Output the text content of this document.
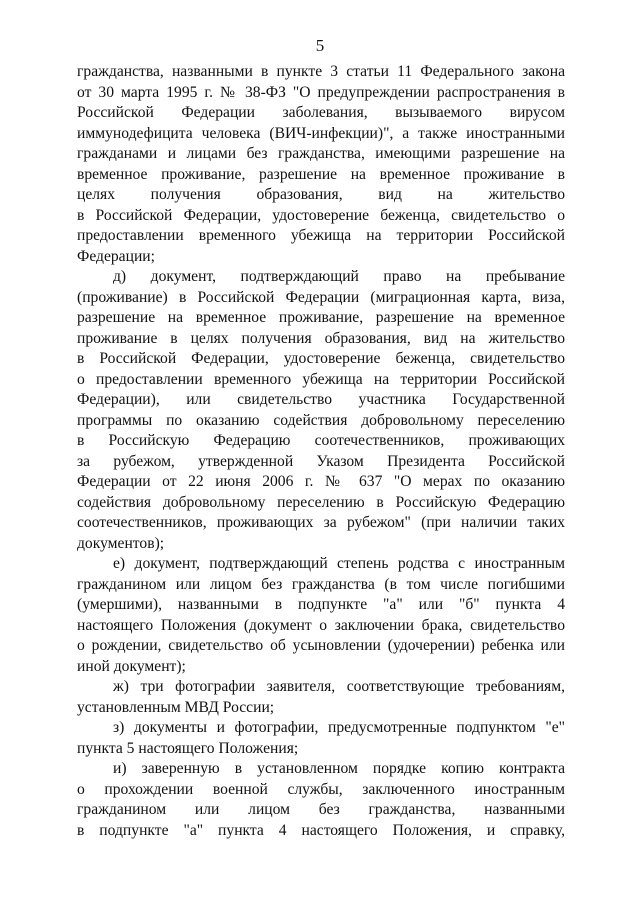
5
гражданства, названными в пункте 3 статьи 11 Федерального закона
от 30 марта 1995 г. № 38-ФЗ "О предупреждении распространения в
Российской Федерации заболевания, вызываемого вирусом
иммунодефицита человека (ВИЧ-инфекции)", а также иностранными
гражданами и лицами без гражданства, имеющими разрешение на
временное проживание, разрешение на временное проживание в
целях получения образования, вид на жительство
в Российской Федерации, удостоверение беженца, свидетельство о
предоставлении временного убежища на территории Российской
Федерации;
д) документ, подтверждающий право на пребывание
(проживание) в Российской Федерации (миграционная карта, виза,
разрешение на временное проживание, разрешение на временное
проживание в целях получения образования, вид на жительство
в Российской Федерации, удостоверение беженца, свидетельство
о предоставлении временного убежища на территории Российской
Федерации), или свидетельство участника Государственной
программы по оказанию содействия добровольному переселению
в Российскую Федерацию соотечественников, проживающих
за рубежом, утвержденной Указом Президента Российской
Федерации от 22 июня 2006 г. № 637 "О мерах по оказанию
содействия добровольному переселению в Российскую Федерацию
соотечественников, проживающих за рубежом" (при наличии таких
документов);
е) документ, подтверждающий степень родства с иностранным
гражданином или лицом без гражданства (в том числе погибшими
(умершими), названными в подпункте "а" или "б" пункта 4
настоящего Положения (документ о заключении брака, свидетельство
о рождении, свидетельство об усыновлении (удочерении) ребенка или
иной документ);
ж) три фотографии заявителя, соответствующие требованиям,
установленным МВД России;
з) документы и фотографии, предусмотренные подпунктом "е"
пункта 5 настоящего Положения;
и) заверенную в установленном порядке копию контракта
о прохождении военной службы, заключенного иностранным
гражданином или лицом без гражданства, названными
в подпункте "а" пункта 4 настоящего Положения, и справку,
